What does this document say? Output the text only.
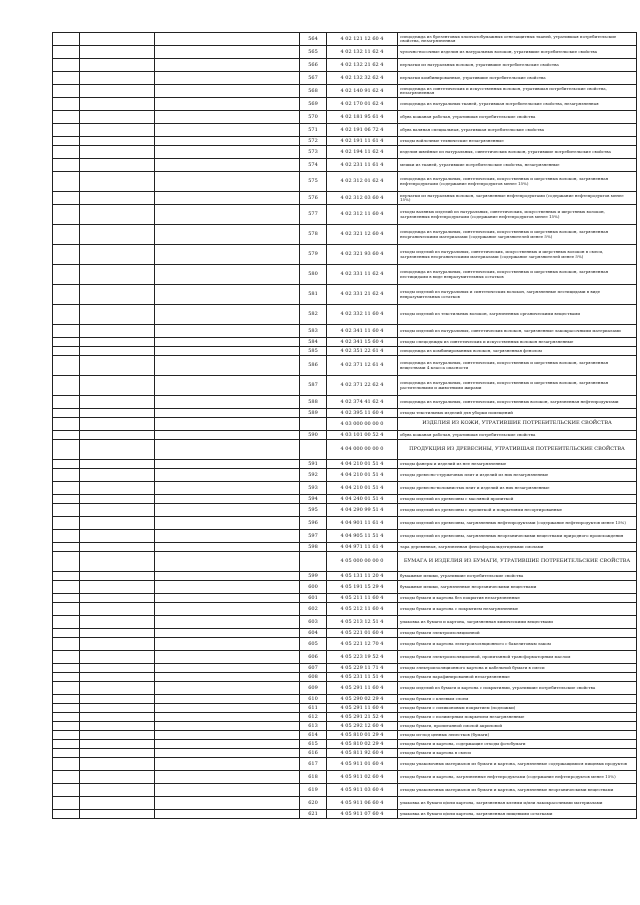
			564	4 02 121 12 60 4	спецодежда из брезентовых хлопчатобумажных огнезащитных тканей, утратившая потребительские свойства, незагрязненная
			565	4 02 132 11 62 4	чулочно-носочные изделия из натуральных волокон, утратившие потребительские свойства
			566	4 02 132 21 62 4	перчатки из натуральных волокон, утратившие потребительские свойства
			567	4 02 132 32 62 4	перчатки комбинированные, утратившие потребительские свойства
			568	4 02 140 91 62 4	спецодежда из синтетических и искусственных волокон, утратившая потребительские свойства, незагрязненная
			569	4 02 170 01 62 4	спецодежда из натуральных тканей, утратившая потребительские свойства, незагрязненная
			570	4 02 181 95 61 4	обувь кожаная рабочая, утратившая потребительские свойства
			571	4 02 191 06 72 4	обувь валяная специальная, утратившая потребительские свойства
			572	4 02 191 11 61 4	отходы войлочные технические незагрязненные
			573	4 02 194 11 62 4	изделия швейные из натуральных, синтетических волокон, утратившие потребительские свойства
			574	4 02 231 11 61 4	мешки из тканей, утратившие потребительские свойства, незагрязненные
			575	4 02 312 01 62 4	спецодежда из натуральных, синтетических, искусственных и шерстяных волокон, загрязненная нефтепродуктами (содержание нефтепродуктов менее 15%)
			576	4 02 312 03 60 4	перчатки из натуральных волокон, загрязненные нефтепродуктами (содержание нефтепродуктов менее 15%)
			577	4 02 312 11 60 4	отходы валяных изделий из натуральных, синтетических, искусственных и шерстяных волокон, загрязненных нефтепродуктами (содержание нефтепродуктов менее 15%)
			578	4 02 321 12 60 4	спецодежда из натуральных, синтетических, искусственных и шерстяных волокон, загрязненная неорганическими материалами (содержание загрязнителей менее 5%)
			579	4 02 321 93 60 4	отходы изделий из натуральных, синтетических, искусственных и шерстяных волокон в смеси, загрязненных неорганическими материалами (содержание загрязнителей менее 5%)
			580	4 02 331 11 62 4	спецодежда из натуральных, синтетических, искусственных и шерстяных волокон, загрязненная пестицидами в виде невразумительных остатков
			581	4 02 331 21 62 4	отходы изделий из натуральных и синтетических волокон, загрязненные пестицидами в виде невразумительных остатков
			582	4 02 332 11 60 4	отходы изделий из текстильных волокон, загрязненных органическими веществами
			583	4 02 341 11 60 4	отходы изделий из натуральных, синтетических волокон, загрязненные лакокрасочными материалами
			584	4 02 341 15 60 4	отходы спецодежды из синтетических и искусственных волокон незагрязненные
			585	4 02 351 22 61 4	спецодежда из комбинированных волокон, загрязненная фенолом
			586	4 02 371 12 61 4	спецодежда из натуральных, синтетических, искусственных и шерстяных волокон, загрязненная веществами 4 класса опасности
			587	4 02 371 22 62 4	спецодежда из натуральных, синтетических, искусственных и шерстяных волокон, загрязненная растительными и животными жирами
			588	4 02 374 41 62 4	спецодежда из натуральных, синтетических, искусственных волокон, загрязненная нефтепродуктами
			589	4 02 395 11 60 4	отходы текстильных изделий для уборки помещений
				4 03 000 00 00 0	ИЗДЕЛИЯ ИЗ КОЖИ, УТРАТИВШИЕ ПОТРЕБИТЕЛЬСКИЕ СВОЙСТВА
			590	4 03 101 00 52 4	обувь кожаная рабочая, утратившая потребительские свойства
				4 04 000 00 00 0	ПРОДУКЦИЯ ИЗ ДРЕВЕСИНЫ, УТРАТИВШАЯ ПОТРЕБИТЕЛЬСКИЕ СВОЙСТВА
			591	4 04 210 01 51 4	отходы фанеры и изделий из нее незагрязненные
			592	4 04 210 01 51 4	отходы древесно-стружечных плит и изделий из них незагрязненные
			593	4 04 210 01 51 4	отходы древесно-волокнистых плит и изделий из них незагрязненные
			594	4 04 240 01 51 4	отходы изделий из древесины с масляной пропиткой
			595	4 04 290 99 51 4	отходы изделий из древесины с пропиткой и покрытиями несортированные
			596	4 04 901 11 61 4	отходы изделий из древесины, загрязненных нефтепродуктами (содержание нефтепродуктов менее 15%)
			597	4 04 905 11 51 4	отходы изделий из древесины, загрязненных неорганическими веществами природного происхождения
			598	4 04 971 11 61 4	тара деревянная, загрязненная фенолформальдегидными смолами
				4 05 000 00 00 0	БУМАГА И ИЗДЕЛИЯ ИЗ БУМАГИ, УТРАТИВШИЕ ПОТРЕБИТЕЛЬСКИЕ СВОЙСТВА
			599	4 05 131 11 20 4	бумажные мешки, утратившие потребительские свойства
			600	4 05 191 15 29 4	бумажные мешки, загрязненные неорганическими веществами
			601	4 05 211 11 60 4	отходы бумаги и картона без покрытия незагрязненные
			602	4 05 212 11 60 4	отходы бумаги и картона с покрытием незагрязненные
			603	4 05 213 12 51 4	упаковка из бумаги и картона, загрязненная химическими веществами
			604	4 05 221 01 60 4	отходы бумаги электроизоляционной
			605	4 05 221 12 70 4	отходы бумаги и картона электроизоляционного с бакелитовым лаком
			606	4 05 223 19 52 4	отходы бумаги электроизоляционной, пропитанной трансформаторным маслом
			607	4 05 229 11 71 4	отходы электроизоляционного картона и кабельной бумаги в смеси
			608	4 05 231 11 51 4	отходы бумаги парафинированной незагрязненные
			609	4 05 291 11 60 4	отходы изделий из бумаги и картона с покрытиями, утратившие потребительские свойства
			610	4 05 290 02 29 4	отходы бумаги с клеевым слоем
			611	4 05 291 11 60 4	отходы бумаги с силиконовым покрытием (подложки)
			612	4 05 291 21 52 4	отходы бумаги с полимерным покрытием незагрязненные
			613	4 05 292 12 60 4	отходы бумаги, пропитанной смолой акриловой
			614	4 05 810 01 29 4	отходы из-под ценных лепестков (бумаги)
			615	4 05 810 02 29 4	отходы бумаги и картона, содержащие отходы фотобумаги
			616	4 05 811 92 60 4	отходы бумаги и картона в смеси
			617	4 05 911 01 60 4	отходы упаковочных материалов из бумаги и картона, загрязненные содержащимися пищевых продуктов
			618	4 05 911 02 60 4	отходы бумаги и картона, загрязненные нефтепродуктами (содержание нефтепродуктов менее 15%)
			619	4 05 911 03 60 4	отходы упаковочных материалов из бумаги и картона, загрязненные неорганическими веществами
			620	4 05 911 06 60 4	упаковка из бумаги и/или картона, загрязненная клеями и/или лакокрасочными материалами
			621	4 05 911 07 60 4	упаковка из бумаги и/или картона, загрязненная пищевыми остатками
